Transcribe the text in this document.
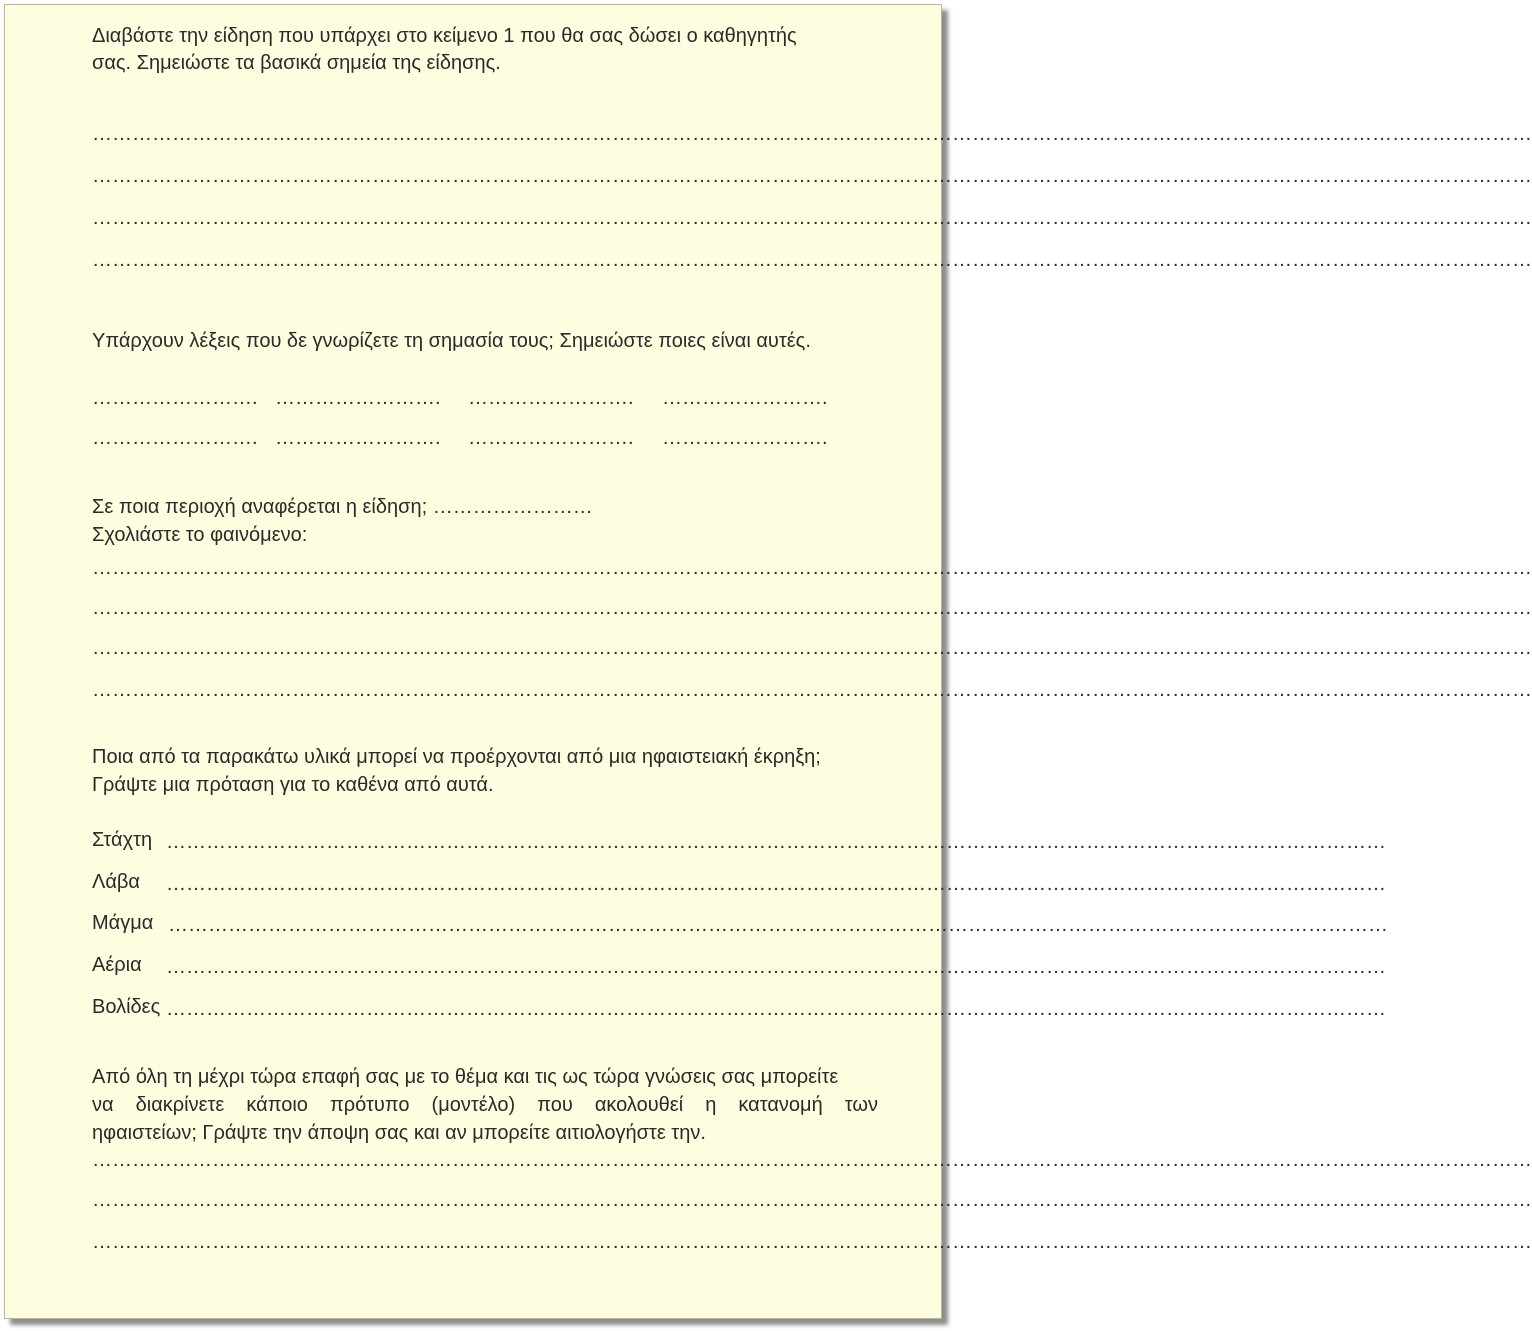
Διαβάστε την είδηση που υπάρχει στο κείμενο 1 που θα σας δώσει ο καθηγητής

σας. Σημειώστε τα βασικά σημεία της είδησης.

………………………………………………………………………………………………………………………………………………………………………………………………
………………………………………………………………………………………………………………………………………………………………………………………………
………………………………………………………………………………………………………………………………………………………………………………………………
………………………………………………………………………………………………………………………………………………………………………………………………

Υπάρχουν λέξεις που δε γνωρίζετε τη σημασία τους; Σημειώστε ποιες είναι αυτές.

……………………. …………………….	…………………….	…………………….
……………………. …………………….	…………………….	…………………….

Σε ποια περιοχή αναφέρεται η είδηση; ……………………

Σχολιάστε το φαινόμενο:

………………………………………………………………………………………………………………………………………………………………………………………………
………………………………………………………………………………………………………………………………………………………………………………………………
………………………………………………………………………………………………………………………………………………………………………………………………
………………………………………………………………………………………………………………………………………………………………………………………………

Ποια από τα παρακάτω υλικά μπορεί να προέρχονται από μια ηφαιστειακή έκρηξη;

Γράψτε μια πρόταση για το καθένα από αυτά.

Στάχτη …………………………………………………………………………………………………………………………………………………………………

Λάβα …………………………………………………………………………………………………………………………………………………………………

Μάγμα …………………………………………………………………………………………………………………………………………………………………

Αέρια …………………………………………………………………………………………………………………………………………………………………

Βολίδες …………………………………………………………………………………………………………………………………………………………………

Από όλη τη μέχρι τώρα επαφή σας με το θέμα και τις ως τώρα γνώσεις σας μπορείτε

να διακρίνετε κάποιο πρότυπο (μοντέλο) που ακολουθεί η κατανομή των

ηφαιστείων; Γράψτε την άποψη σας και αν μπορείτε αιτιολογήστε την.

………………………………………………………………………………………………………………………………………………………………………………………………
………………………………………………………………………………………………………………………………………………………………………………………………
………………………………………………………………………………………………………………………………………………………………………………………………
